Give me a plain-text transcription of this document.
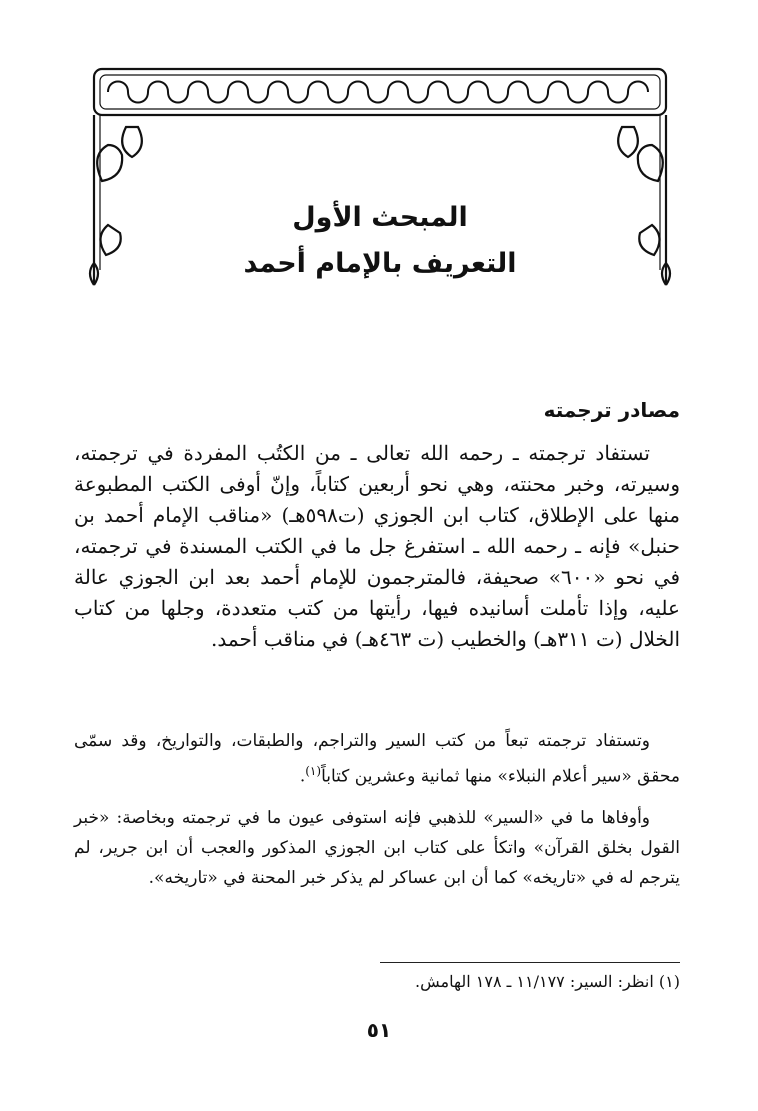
المبحث الأول
التعريف بالإمام أحمد
مصادر ترجمته

تستفاد ترجمته ـ رحمه الله تعالى ـ من الكتُب المفردة في ترجمته، وسيرته، وخبر محنته، وهي نحو أربعين كتاباً، وإنّ أوفى الكتب المطبوعة منها على الإطلاق، كتاب ابن الجوزي (ت٥٩٨هـ) «مناقب الإمام أحمد بن حنبل» فإنه ـ رحمه الله ـ استفرغ جل ما في الكتب المسندة في ترجمته، في نحو «٦٠٠» صحيفة، فالمترجمون للإمام أحمد بعد ابن الجوزي عالة عليه، وإذا تأملت أسانيده فيها، رأيتها من كتب متعددة، وجلها من كتاب الخلال (ت ٣١١هـ) والخطيب (ت ٤٦٣هـ) في مناقب أحمد.

وتستفاد ترجمته تبعاً من كتب السير والتراجم، والطبقات، والتواريخ، وقد سمّى محقق «سير أعلام النبلاء» منها ثمانية وعشرين كتاباً$^{(١)}$.

وأوفاها ما في «السير» للذهبي فإنه استوفى عيون ما في ترجمته وبخاصة: «خبر القول بخلق القرآن» واتكأ على كتاب ابن الجوزي المذكور والعجب أن ابن جرير، لم يترجم له في «تاريخه» كما أن ابن عساكر لم يذكر خبر المحنة في «تاريخه».

(١) انظر: السير: ١١/١٧٧ ـ ١٧٨ الهامش.

٥١
